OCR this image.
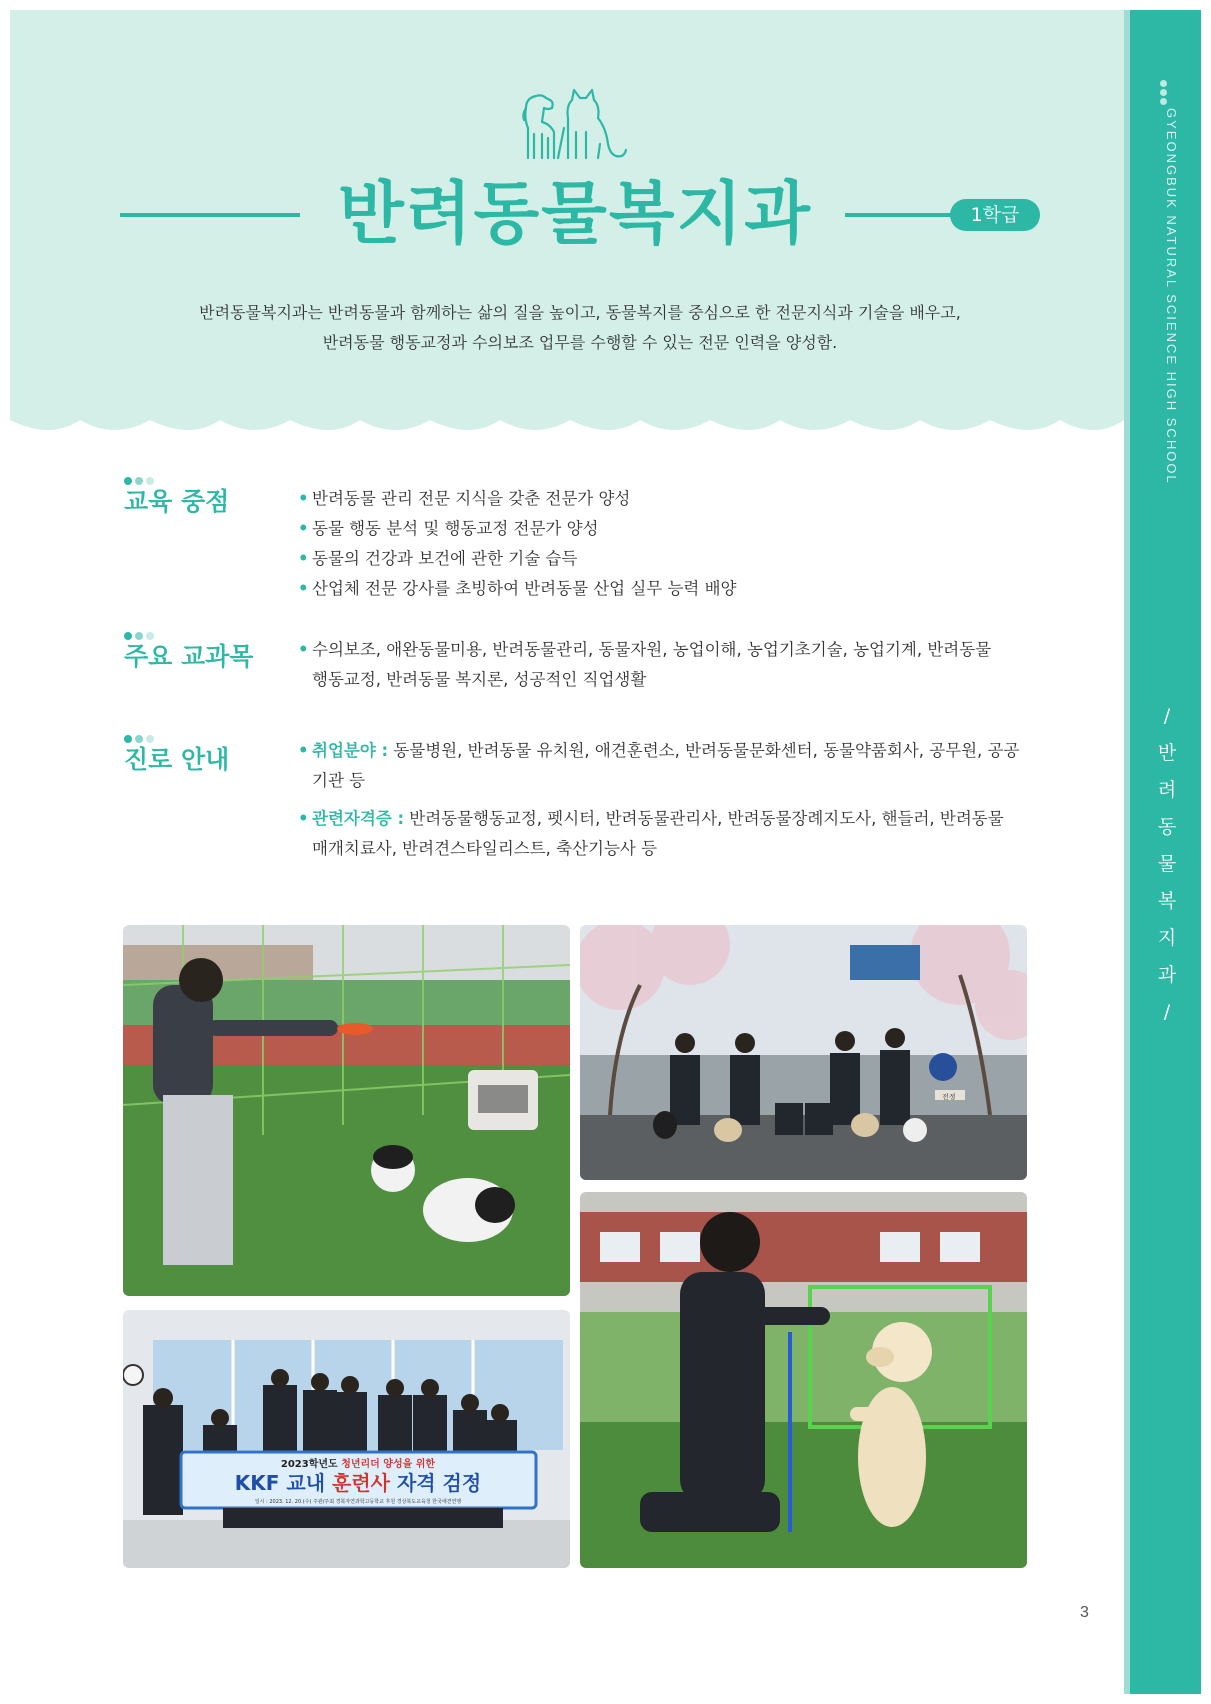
GYEONGBUK NATURAL SCIENCE HIGH SCHOOL
/
반
려
동
물
복
지
과
/
반려동물복지과	1학급
반려동물복지과는 반려동물과 함께하는 삶의 질을 높이고, 동물복지를 중심으로 한 전문지식과 기술을 배우고,
반려동물 행동교정과 수의보조 업무를 수행할 수 있는 전문 인력을 양성함.
교육 중점	• 반려동물 관리 전문 지식을 갖춘 전문가 양성
• 동물 행동 분석 및 행동교정 전문가 양성
• 동물의 건강과 보건에 관한 기술 습득
• 산업체 전문 강사를 초빙하여 반려동물 산업 실무 능력 배양
주요 교과목	• 수의보조, 애완동물미용, 반려동물관리, 동물자원, 농업이해, 농업기초기술, 농업기계, 반려동물
행동교정, 반려동물 복지론, 성공적인 직업생활
진로 안내	• 취업분야 : 동물병원, 반려동물 유치원, 애견훈련소, 반려동물문화센터, 동물약품회사, 공무원, 공공
기관 등
• 관련자격증 : 반려동물행동교정, 펫시터, 반려동물관리사, 반려동물장례지도사, 핸들러, 반려동물
매개치료사, 반려견스타일리스트, 축산기능사 등
전정
2023학년도 청년리더 양성을 위한
KKF 교내 훈련사 자격 검정
일시 : 2023. 12. 20.(수) 주관/주최 경북자연과학고등학교 후원 경상북도교육청 한국애견연맹
3
